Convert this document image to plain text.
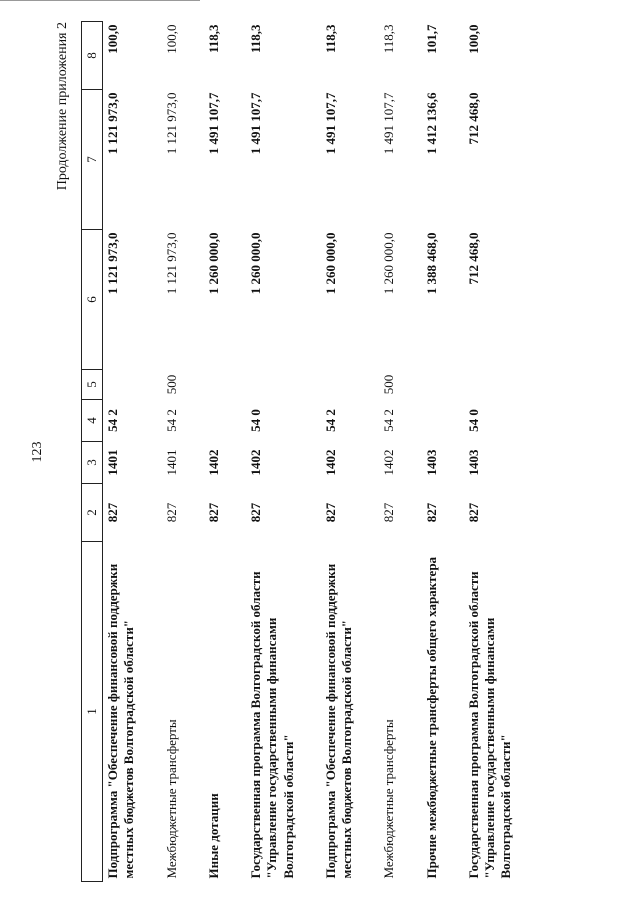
123
Продолжение приложения 2
1	2	3	4	5	6	7	8
Подпрограмма "Обеспечение финансовой поддержки местных бюджетов Волгоградской области"	827	1401	54 2		1 121 973,0	1 121 973,0	100,0

Межбюджетные трансферты	827	1401	54 2	500	1 121 973,0	1 121 973,0	100,0

Иные дотации	827	1402			1 260 000,0	1 491 107,7	118,3

Государственная программа Волгоградской области "Управление государственными финансами Волгоградской области"	827	1402	54 0		1 260 000,0	1 491 107,7	118,3

Подпрограмма "Обеспечение финансовой поддержки местных бюджетов Волгоградской области"	827	1402	54 2		1 260 000,0	1 491 107,7	118,3

Межбюджетные трансферты	827	1402	54 2	500	1 260 000,0	1 491 107,7	118,3

Прочие межбюджетные трансферты общего характера	827	1403			1 388 468,0	1 412 136,6	101,7

Государственная программа Волгоградской области "Управление государственными финансами Волгоградской области"	827	1403	54 0		712 468,0	712 468,0	100,0
